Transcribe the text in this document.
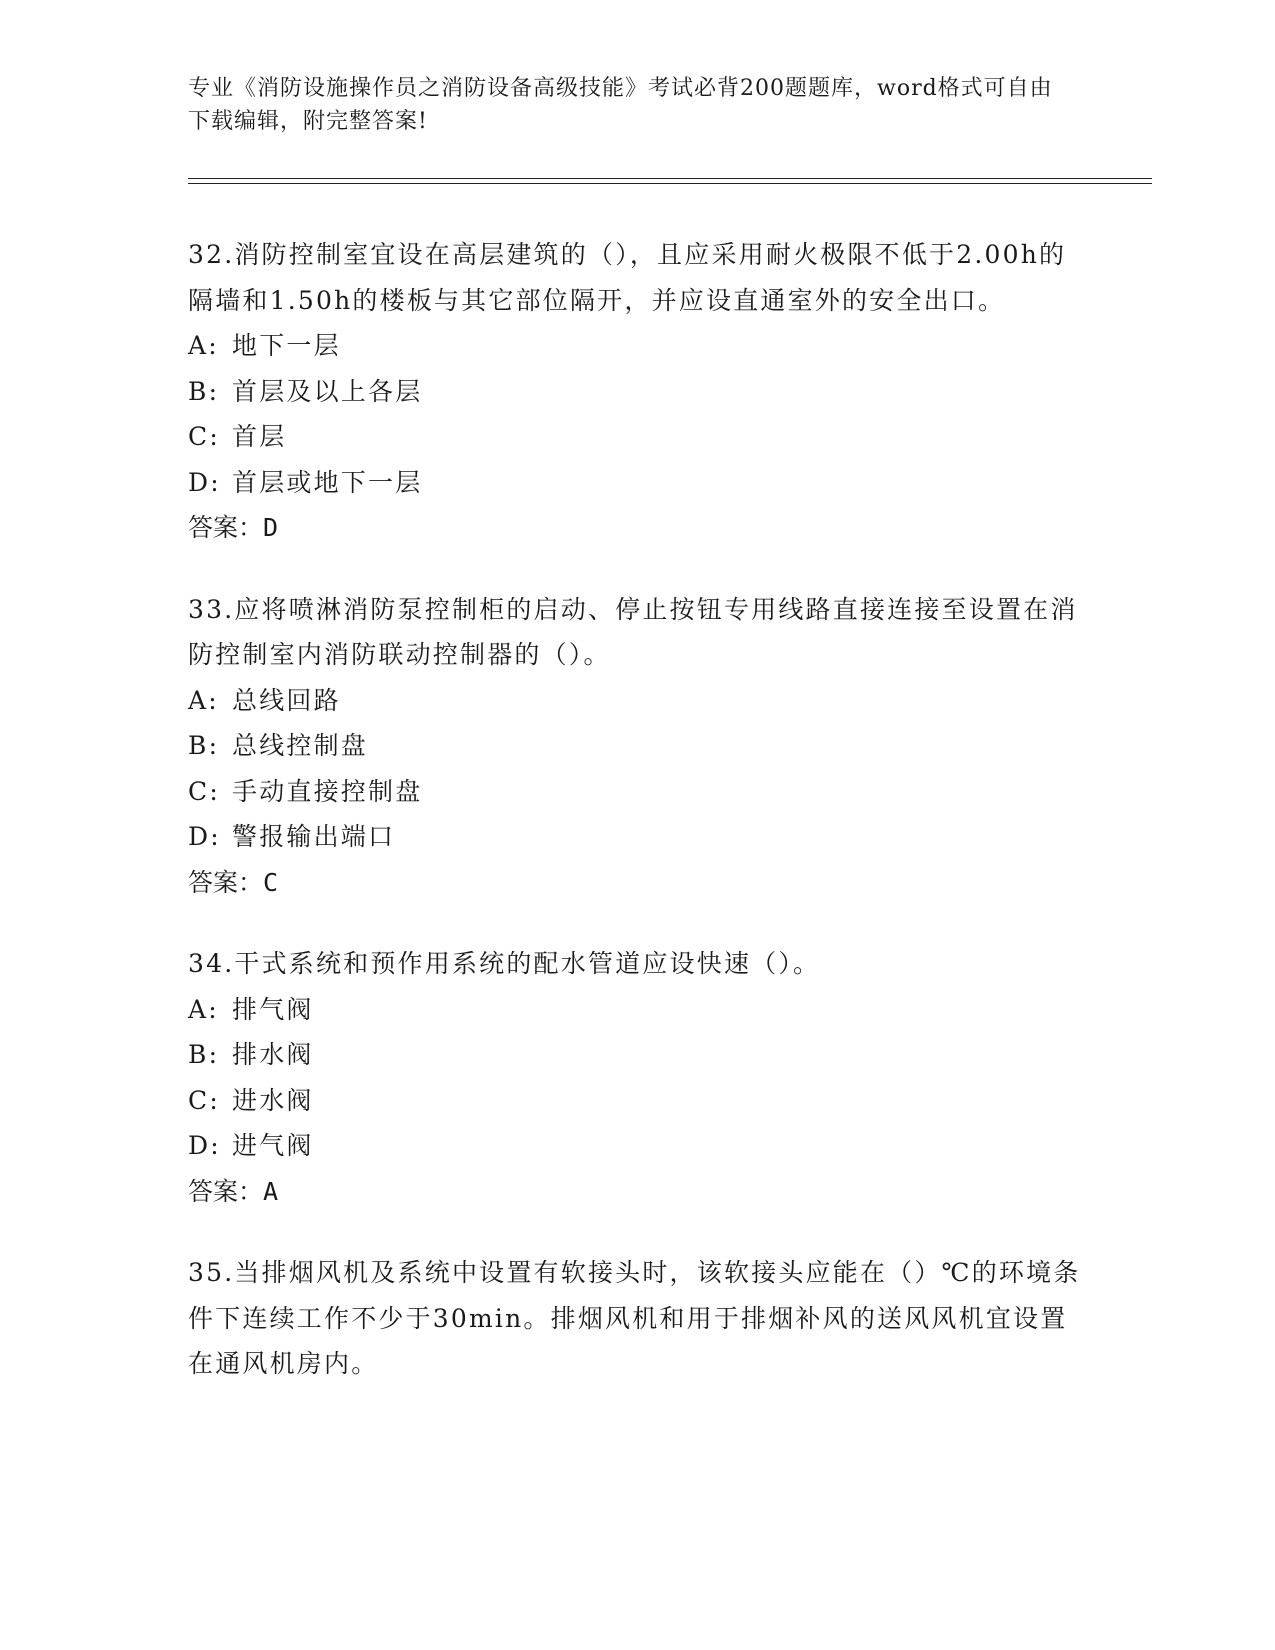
专业《消防设施操作员之消防设备高级技能》考试必背200题题库，word格式可自由下载编辑，附完整答案!
32.消防控制室宜设在高层建筑的（），且应采用耐火极限不低于2.00h的隔墙和1.50h的楼板与其它部位隔开，并应设直通室外的安全出口。
A: 地下一层
B: 首层及以上各层
C: 首层
D: 首层或地下一层
答案：D
33.应将喷淋消防泵控制柜的启动、停止按钮专用线路直接连接至设置在消防控制室内消防联动控制器的（）。
A: 总线回路
B: 总线控制盘
C: 手动直接控制盘
D: 警报输出端口
答案：C
34.干式系统和预作用系统的配水管道应设快速（）。
A: 排气阀
B: 排水阀
C: 进水阀
D: 进气阀
答案：A
35.当排烟风机及系统中设置有软接头时，该软接头应能在（）℃的环境条件下连续工作不少于30min。排烟风机和用于排烟补风的送风风机宜设置在通风机房内。
